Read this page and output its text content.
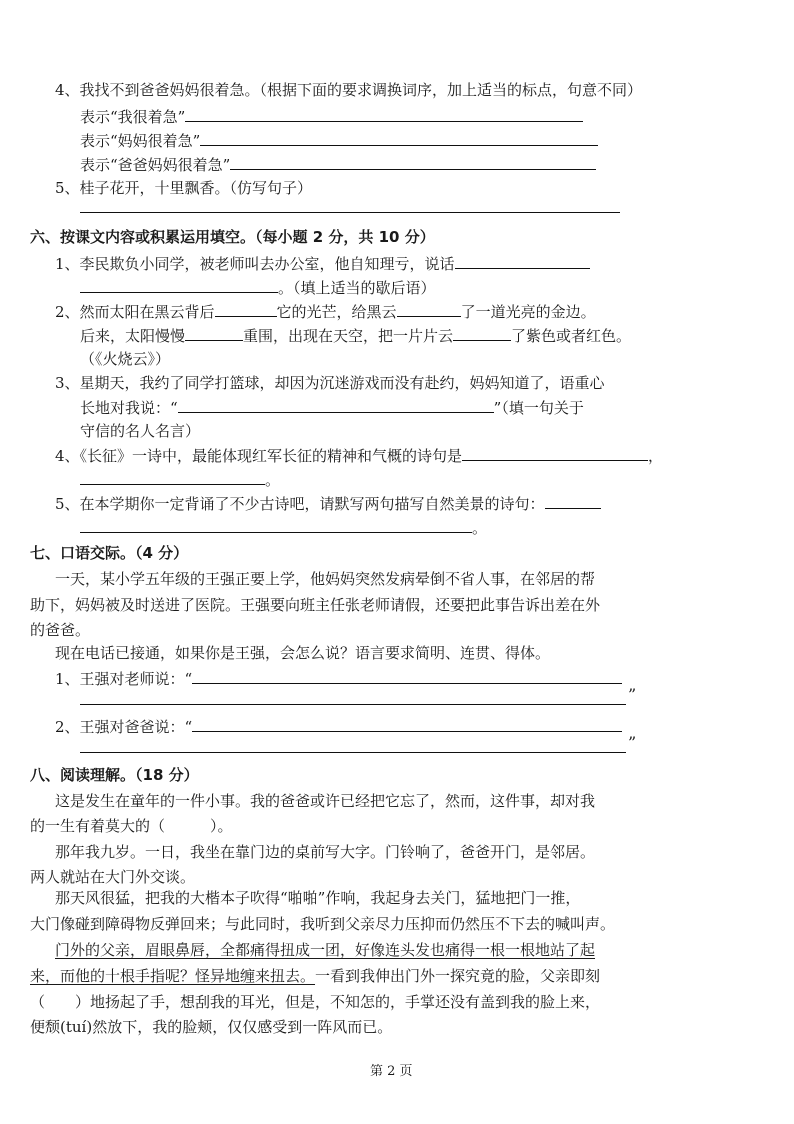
4、我找不到爸爸妈妈很着急。（根据下面的要求调换词序，加上适当的标点，句意不同）
表示“我很着急”
表示“妈妈很着急”
表示“爸爸妈妈很着急”
5、桂子花开，十里飘香。（仿写句子）
六、按课文内容或积累运用填空。（每小题 2 分，共 10 分）
1、李民欺负小同学，被老师叫去办公室，他自知理亏，说话
。（填上适当的歇后语）
2、然而太阳在黑云背后	它的光芒，给黑云	了一道光亮的金边。
后来，太阳慢慢	重围，出现在天空，把一片片云	了紫色或者红色。
（《火烧云》）
3、星期天，我约了同学打篮球，却因为沉迷游戏而没有赴约，妈妈知道了，语重心
长地对我说：“	”（填一句关于
守信的名人名言）
4、《长征》一诗中，最能体现红军长征的精神和气概的诗句是	，
。
5、在本学期你一定背诵了不少古诗吧，请默写两句描写自然美景的诗句：
。
七、口语交际。（4 分）
一天，某小学五年级的王强正要上学，他妈妈突然发病晕倒不省人事，在邻居的帮
助下，妈妈被及时送进了医院。王强要向班主任张老师请假，还要把此事告诉出差在外
的爸爸。
现在电话已接通，如果你是王强，会怎么说？语言要求简明、连贯、得体。
1、王强对老师说：“
”
2、王强对爸爸说：“
”
八、阅读理解。（18 分）
这是发生在童年的一件小事。我的爸爸或许已经把它忘了，然而，这件事，却对我
的一生有着莫大的（　　　）。
那年我九岁。一日，我坐在靠门边的桌前写大字。门铃响了，爸爸开门，是邻居。
两人就站在大门外交谈。
那天风很猛，把我的大楷本子吹得“啪啪”作响，我起身去关门，猛地把门一推，
大门像碰到障碍物反弹回来；与此同时，我听到父亲尽力压抑而仍然压不下去的喊叫声。
门外的父亲，眉眼鼻唇，全都痛得扭成一团，好像连头发也痛得一根一根地站了起
来，而他的十根手指呢？怪异地缠来扭去。一看到我伸出门外一探究竟的脸，父亲即刻
（　　）地扬起了手，想刮我的耳光，但是，不知怎的，手掌还没有盖到我的脸上来，
便颓(tuí)然放下，我的脸颊，仅仅感受到一阵风而已。
第 2 页
